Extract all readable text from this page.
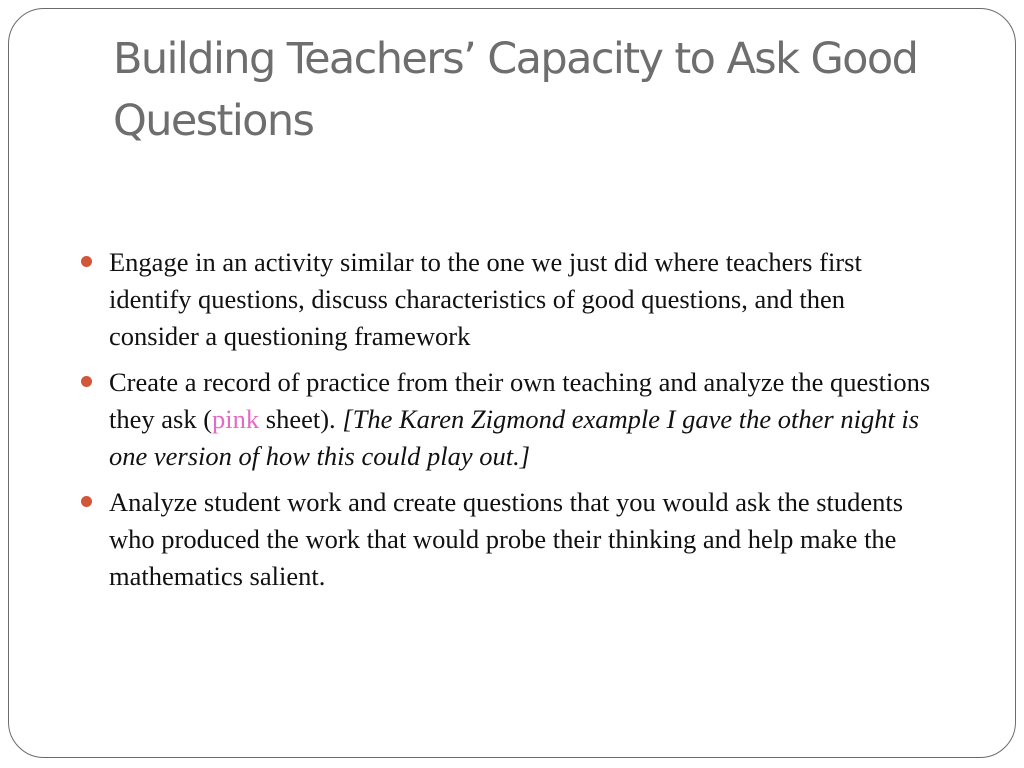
Building Teachers’ Capacity to Ask Good Questions
Engage in an activity similar to the one we just did where teachers first identify questions, discuss characteristics of good questions, and then consider a questioning framework
Create a record of practice from their own teaching and analyze the questions they ask (pink sheet). [The Karen Zigmond example I gave the other night is one version of how this could play out.]
Analyze student work and create questions that you would ask the students who produced the work that would probe their thinking and help make the mathematics salient.
